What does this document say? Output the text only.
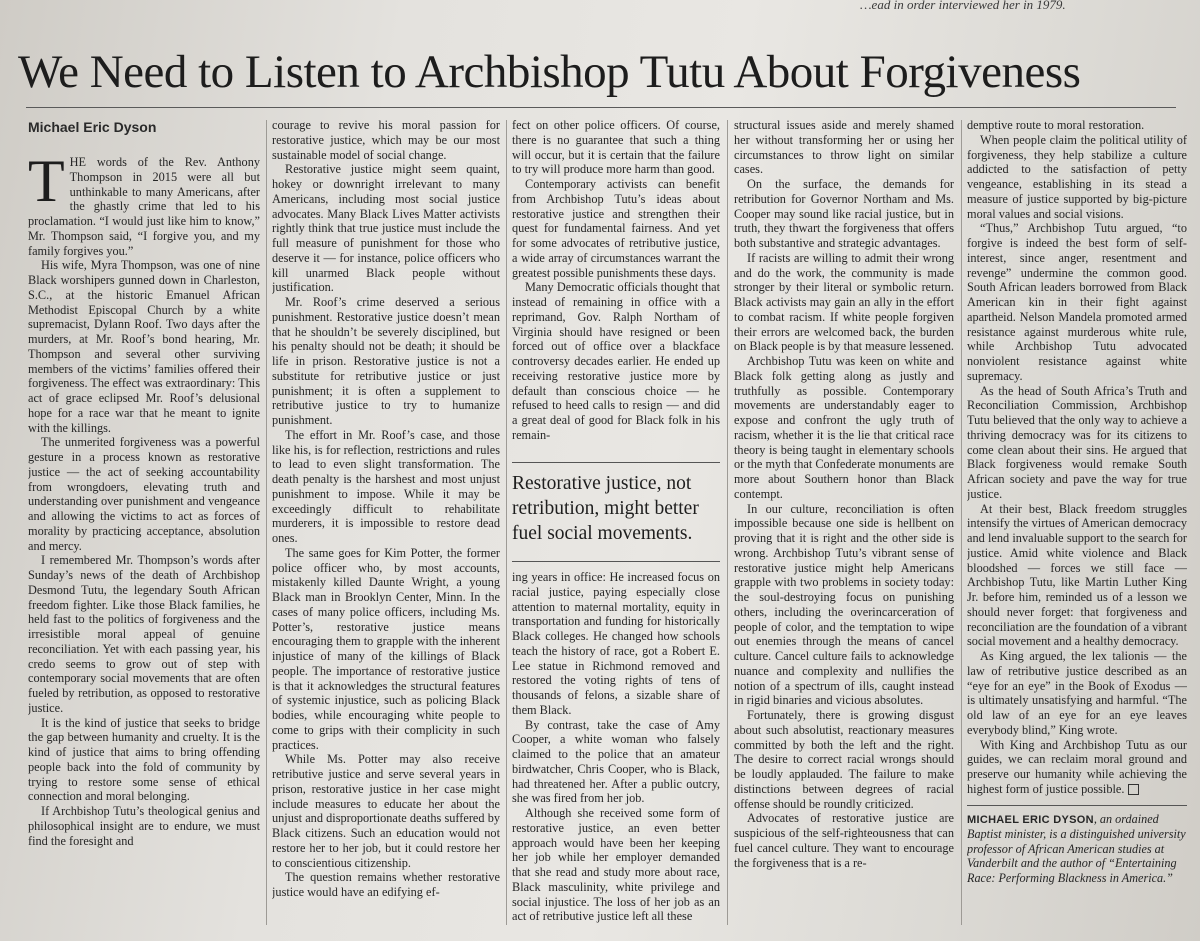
…ead in order interviewed her in 1979.
We Need to Listen to Archbishop Tutu About Forgiveness
Michael Eric Dyson

THE words of the Rev. Anthony Thompson in 2015 were all but unthinkable to many Americans, after the ghastly crime that led to his proclamation. “I would just like him to know,” Mr. Thompson said, “I forgive you, and my family forgives you.”

His wife, Myra Thompson, was one of nine Black worshipers gunned down in Charleston, S.C., at the historic Emanuel African Methodist Episcopal Church by a white supremacist, Dylann Roof. Two days after the murders, at Mr. Roof’s bond hearing, Mr. Thompson and several other surviving members of the victims’ families offered their forgiveness. The effect was extraordinary: This act of grace eclipsed Mr. Roof’s delusional hope for a race war that he meant to ignite with the killings.

The unmerited forgiveness was a powerful gesture in a process known as restorative justice — the act of seeking accountability from wrongdoers, elevating truth and understanding over punishment and vengeance and allowing the victims to act as forces of morality by practicing acceptance, absolution and mercy.

I remembered Mr. Thompson’s words after Sunday’s news of the death of Archbishop Desmond Tutu, the legendary South African freedom fighter. Like those Black families, he held fast to the politics of forgiveness and the irresistible moral appeal of genuine reconciliation. Yet with each passing year, his credo seems to grow out of step with contemporary social movements that are often fueled by retribution, as opposed to restorative justice.

It is the kind of justice that seeks to bridge the gap between humanity and cruelty. It is the kind of justice that aims to bring offending people back into the fold of community by trying to restore some sense of ethical connection and moral belonging.

If Archbishop Tutu’s theological genius and philosophical insight are to endure, we must find the foresight and

courage to revive his moral passion for restorative justice, which may be our most sustainable model of social change.

Restorative justice might seem quaint, hokey or downright irrelevant to many Americans, including most social justice advocates. Many Black Lives Matter activists rightly think that true justice must include the full measure of punishment for those who deserve it — for instance, police officers who kill unarmed Black people without justification.

Mr. Roof’s crime deserved a serious punishment. Restorative justice doesn’t mean that he shouldn’t be severely disciplined, but his penalty should not be death; it should be life in prison. Restorative justice is not a substitute for retributive justice or just punishment; it is often a supplement to retributive justice to try to humanize punishment.

The effort in Mr. Roof’s case, and those like his, is for reflection, restrictions and rules to lead to even slight transformation. The death penalty is the harshest and most unjust punishment to impose. While it may be exceedingly difficult to rehabilitate murderers, it is impossible to restore dead ones.

The same goes for Kim Potter, the former police officer who, by most accounts, mistakenly killed Daunte Wright, a young Black man in Brooklyn Center, Minn. In the cases of many police officers, including Ms. Potter’s, restorative justice means encouraging them to grapple with the inherent injustice of many of the killings of Black people. The importance of restorative justice is that it acknowledges the structural features of systemic injustice, such as policing Black bodies, while encouraging white people to come to grips with their complicity in such practices.

While Ms. Potter may also receive retributive justice and serve several years in prison, restorative justice in her case might include measures to educate her about the unjust and disproportionate deaths suffered by Black citizens. Such an education would not restore her to her job, but it could restore her to conscientious citizenship.

The question remains whether restorative justice would have an edifying ef-

fect on other police officers. Of course, there is no guarantee that such a thing will occur, but it is certain that the failure to try will produce more harm than good.

Contemporary activists can benefit from Archbishop Tutu’s ideas about restorative justice and strengthen their quest for fundamental fairness. And yet for some advocates of retributive justice, a wide array of circumstances warrant the greatest possible punishments these days.

Many Democratic officials thought that instead of remaining in office with a reprimand, Gov. Ralph Northam of Virginia should have resigned or been forced out of office over a blackface controversy decades earlier. He ended up receiving restorative justice more by default than conscious choice — he refused to heed calls to resign — and did a great deal of good for Black folk in his remain-

Restorative justice, not retribution, might better fuel social movements.

ing years in office: He increased focus on racial justice, paying especially close attention to maternal mortality, equity in transportation and funding for historically Black colleges. He changed how schools teach the history of race, got a Robert E. Lee statue in Richmond removed and restored the voting rights of tens of thousands of felons, a sizable share of them Black.

By contrast, take the case of Amy Cooper, a white woman who falsely claimed to the police that an amateur birdwatcher, Chris Cooper, who is Black, had threatened her. After a public outcry, she was fired from her job.

Although she received some form of restorative justice, an even better approach would have been her keeping her job while her employer demanded that she read and study more about race, Black masculinity, white privilege and social injustice. The loss of her job as an act of retributive justice left all these

structural issues aside and merely shamed her without transforming her or using her circumstances to throw light on similar cases.

On the surface, the demands for retribution for Governor Northam and Ms. Cooper may sound like racial justice, but in truth, they thwart the forgiveness that offers both substantive and strategic advantages.

If racists are willing to admit their wrong and do the work, the community is made stronger by their literal or symbolic return. Black activists may gain an ally in the effort to combat racism. If white people forgiven their errors are welcomed back, the burden on Black people is by that measure lessened.

Archbishop Tutu was keen on white and Black folk getting along as justly and truthfully as possible. Contemporary movements are understandably eager to expose and confront the ugly truth of racism, whether it is the lie that critical race theory is being taught in elementary schools or the myth that Confederate monuments are more about Southern honor than Black contempt.

In our culture, reconciliation is often impossible because one side is hellbent on proving that it is right and the other side is wrong. Archbishop Tutu’s vibrant sense of restorative justice might help Americans grapple with two problems in society today: the soul-destroying focus on punishing others, including the overincarceration of people of color, and the temptation to wipe out enemies through the means of cancel culture. Cancel culture fails to acknowledge nuance and complexity and nullifies the notion of a spectrum of ills, caught instead in rigid binaries and vicious absolutes.

Fortunately, there is growing disgust about such absolutist, reactionary measures committed by both the left and the right. The desire to correct racial wrongs should be loudly applauded. The failure to make distinctions between degrees of racial offense should be roundly criticized.

Advocates of restorative justice are suspicious of the self-righteousness that can fuel cancel culture. They want to encourage the forgiveness that is a re-

demptive route to moral restoration.

When people claim the political utility of forgiveness, they help stabilize a culture addicted to the satisfaction of petty vengeance, establishing in its stead a measure of justice supported by big-picture moral values and social visions.

“Thus,” Archbishop Tutu argued, “to forgive is indeed the best form of self-interest, since anger, resentment and revenge” undermine the common good. South African leaders borrowed from Black American kin in their fight against apartheid. Nelson Mandela promoted armed resistance against murderous white rule, while Archbishop Tutu advocated nonviolent resistance against white supremacy.

As the head of South Africa’s Truth and Reconciliation Commission, Archbishop Tutu believed that the only way to achieve a thriving democracy was for its citizens to come clean about their sins. He argued that Black forgiveness would remake South African society and pave the way for true justice.

At their best, Black freedom struggles intensify the virtues of American democracy and lend invaluable support to the search for justice. Amid white violence and Black bloodshed — forces we still face — Archbishop Tutu, like Martin Luther King Jr. before him, reminded us of a lesson we should never forget: that forgiveness and reconciliation are the foundation of a vibrant social movement and a healthy democracy.

As King argued, the lex talionis — the law of retributive justice described as an “eye for an eye” in the Book of Exodus — is ultimately unsatisfying and harmful. “The old law of an eye for an eye leaves everybody blind,” King wrote.

With King and Archbishop Tutu as our guides, we can reclaim moral ground and preserve our humanity while achieving the highest form of justice possible.

MICHAEL ERIC DYSON, an ordained Baptist minister, is a distinguished university professor of African American studies at Vanderbilt and the author of “Entertaining Race: Performing Blackness in America.”
